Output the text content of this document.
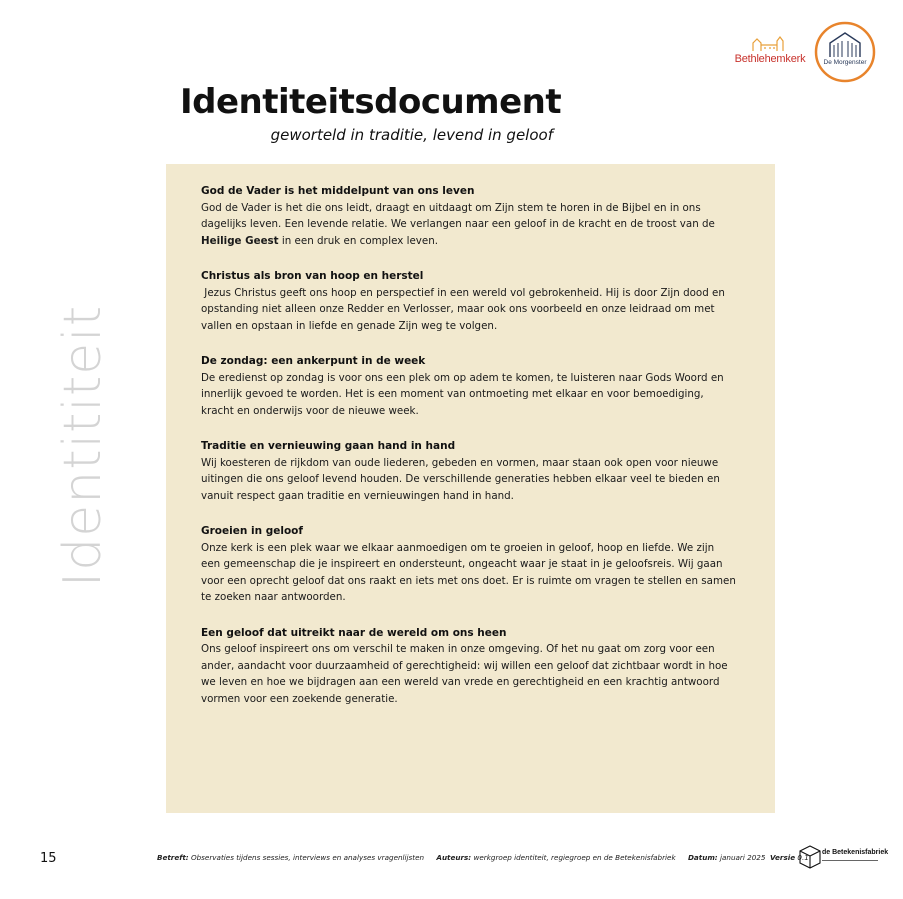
Bethlehemkerk	De Morgenster
Identiteitsdocument
geworteld in traditie, levend in geloof
Identititeit
God de Vader is het middelpunt van ons leven

God de Vader is het die ons leidt, draagt en uitdaagt om Zijn stem te horen in de Bijbel en in ons dagelijks leven. Een levende relatie. We verlangen naar een geloof in de kracht en de troost van de Heilige Geest in een druk en complex leven.

Christus als bron van hoop en herstel

Jezus Christus geeft ons hoop en perspectief in een wereld vol gebrokenheid. Hij is door Zijn dood en opstanding niet alleen onze Redder en Verlosser, maar ook ons voorbeeld en onze leidraad om met vallen en opstaan in liefde en genade Zijn weg te volgen.

De zondag: een ankerpunt in de week

De eredienst op zondag is voor ons een plek om op adem te komen, te luisteren naar Gods Woord en innerlijk gevoed te worden. Het is een moment van ontmoeting met elkaar en voor bemoediging, kracht en onderwijs voor de nieuwe week.

Traditie en vernieuwing gaan hand in hand

Wij koesteren de rijkdom van oude liederen, gebeden en vormen, maar staan ook open voor nieuwe uitingen die ons geloof levend houden. De verschillende generaties hebben elkaar veel te bieden en vanuit respect gaan traditie en vernieuwingen hand in hand.

Groeien in geloof

Onze kerk is een plek waar we elkaar aanmoedigen om te groeien in geloof, hoop en liefde. We zijn een gemeenschap die je inspireert en ondersteunt, ongeacht waar je staat in je geloofsreis. Wij gaan voor een oprecht geloof dat ons raakt en iets met ons doet. Er is ruimte om vragen te stellen en samen te zoeken naar antwoorden.

Een geloof dat uitreikt naar de wereld om ons heen

Ons geloof inspireert ons om verschil te maken in onze omgeving. Of het nu gaat om zorg voor een ander, aandacht voor duurzaamheid of gerechtigheid: wij willen een geloof dat zichtbaar wordt in hoe we leven en hoe we bijdragen aan een wereld van vrede en gerechtigheid en een krachtig antwoord vormen voor een zoekende generatie.

15	Betreft: Observaties tijdens sessies, interviews en analyses vragenlijsten Auteurs: werkgroep identiteit, regiegroep en de Betekenisfabriek Datum: januari 2025 Versie 0.1
de Betekenisfabriek
